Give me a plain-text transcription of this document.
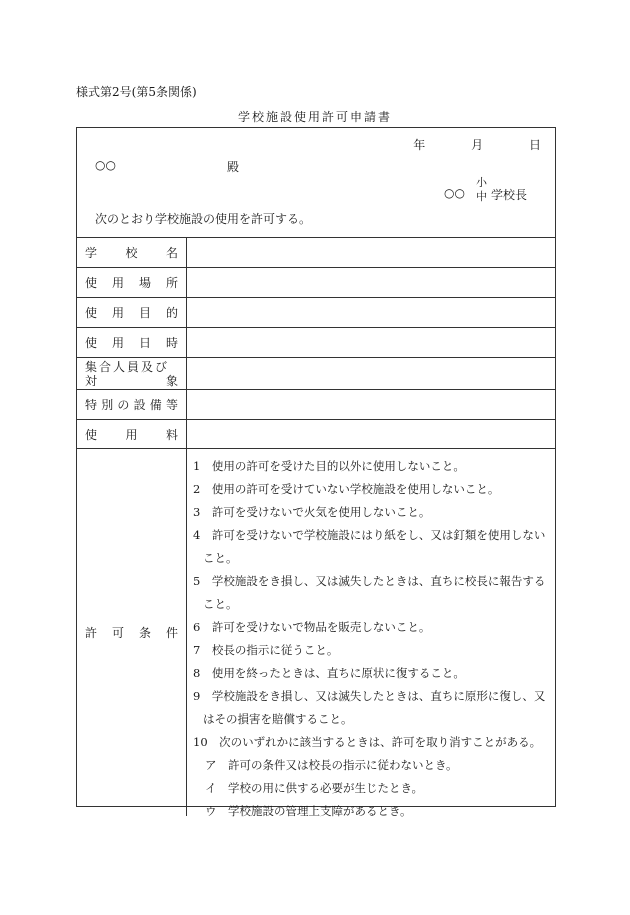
様式第2号(第5条関係)
学校施設使用許可申請書
年	月	日
○○	殿
○○
小
中 学校長
次のとおり学校施設の使用を許可する。
学 校 名
使 用 場 所
使 用 目 的
使 用 日 時
集合人員及び
対	象
特 別 の 設 備 等
使 用 料
許 可 条 件

1　使用の許可を受けた目的以外に使用しないこと。

2　使用の許可を受けていない学校施設を使用しないこと。

3　許可を受けないで火気を使用しないこと。

4　許可を受けないで学校施設にはり紙をし、又は釘類を使用しないこと。

5　学校施設をき損し、又は滅失したときは、直ちに校長に報告すること。

6　許可を受けないで物品を販売しないこと。

7　校長の指示に従うこと。

8　使用を終ったときは、直ちに原状に復すること。

9　学校施設をき損し、又は滅失したときは、直ちに原形に復し、又はその損害を賠償すること。

10　次のいずれかに該当するときは、許可を取り消すことがある。

ア　許可の条件又は校長の指示に従わないとき。

イ　学校の用に供する必要が生じたとき。

ウ　学校施設の管理上支障があるとき。
